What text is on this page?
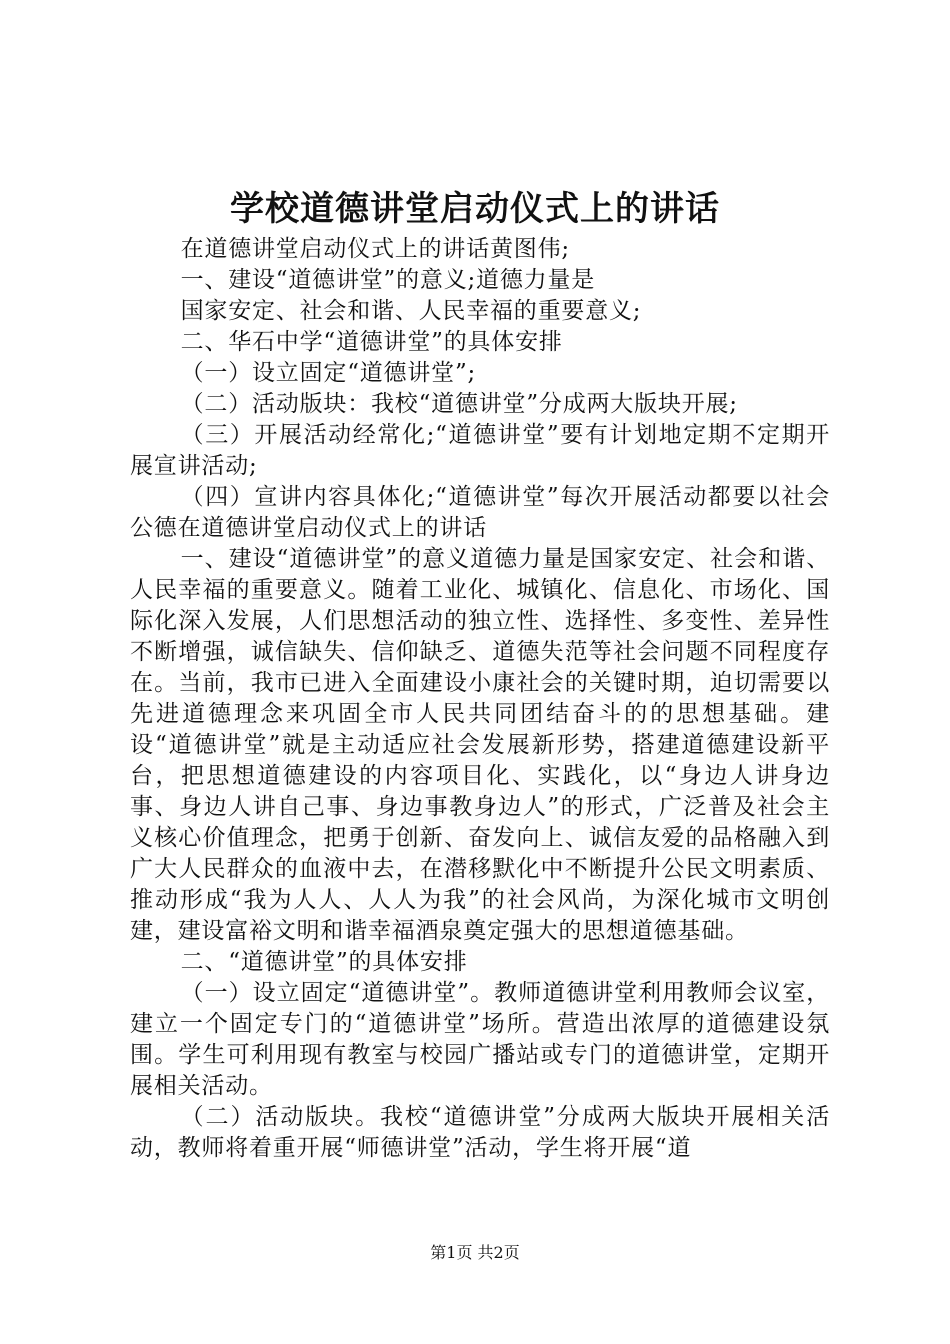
学校道德讲堂启动仪式上的讲话

在道德讲堂启动仪式上的讲话黄图伟;

一、建设“道德讲堂”的意义;道德力量是

国家安定、社会和谐、人民幸福的重要意义;

二、华石中学“道德讲堂”的具体安排

（一）设立固定“道德讲堂”;

（二）活动版块：我校“道德讲堂”分成两大版块开展;

（三）开展活动经常化;“道德讲堂”要有计划地定期不定期开展宣讲活动;

（四）宣讲内容具体化;“道德讲堂”每次开展活动都要以社会公德在道德讲堂启动仪式上的讲话

一、建设“道德讲堂”的意义道德力量是国家安定、社会和谐、人民幸福的重要意义。随着工业化、城镇化、信息化、市场化、国际化深入发展，人们思想活动的独立性、选择性、多变性、差异性不断增强，诚信缺失、信仰缺乏、道德失范等社会问题不同程度存在。当前，我市已进入全面建设小康社会的关键时期，迫切需要以先进道德理念来巩固全市人民共同团结奋斗的的思想基础。建设“道德讲堂”就是主动适应社会发展新形势，搭建道德建设新平台，把思想道德建设的内容项目化、实践化，以“身边人讲身边事、身边人讲自己事、身边事教身边人”的形式，广泛普及社会主义核心价值理念，把勇于创新、奋发向上、诚信友爱的品格融入到广大人民群众的血液中去，在潜移默化中不断提升公民文明素质、推动形成“我为人人、人人为我”的社会风尚，为深化城市文明创建，建设富裕文明和谐幸福酒泉奠定强大的思想道德基础。

二、“道德讲堂”的具体安排

（一）设立固定“道德讲堂”。教师道德讲堂利用教师会议室，建立一个固定专门的“道德讲堂”场所。营造出浓厚的道德建设氛围。学生可利用现有教室与校园广播站或专门的道德讲堂，定期开展相关活动。

（二）活动版块。我校“道德讲堂”分成两大版块开展相关活动，教师将着重开展“师德讲堂”活动，学生将开展“道

第1页 共2页
